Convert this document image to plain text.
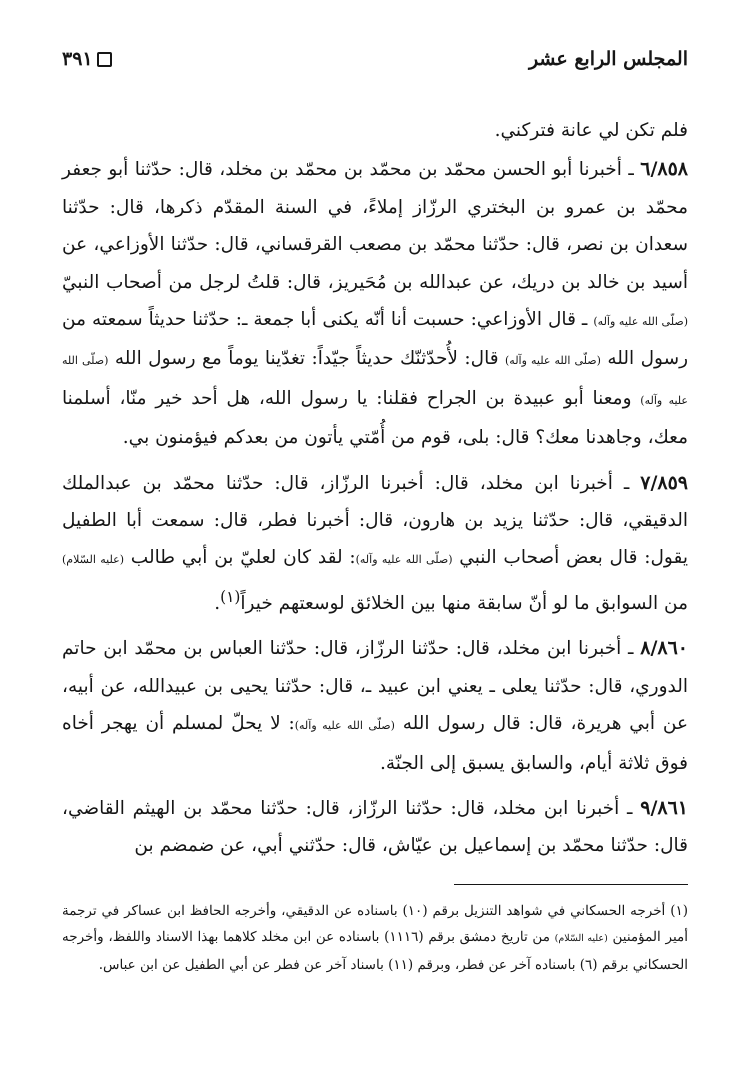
المجلس الرابع عشر
٣٩١

فلم تكن لي عانة فتركني.

٦/٨٥٨ ـ أخبرنا أبو الحسن محمّد بن محمّد بن محمّد بن مخلد، قال: حدّثنا أبو جعفر محمّد بن عمرو بن البختري الرزّاز إملاءً، في السنة المقدّم ذكرها، قال: حدّثنا سعدان بن نصر، قال: حدّثنا محمّد بن مصعب القرقساني، قال: حدّثنا الأوزاعي، عن أسيد بن خالد بن دريك، عن عبدالله بن مُحَيريز، قال: قلتُ لرجل من أصحاب النبيّ (صلّى الله عليه وآله) ـ قال الأوزاعي: حسبت أنا أنّه يكنى أبا جمعة ـ: حدّثنا حديثاً سمعته من رسول الله (صلّى الله عليه وآله) قال: لأُحدّثنّك حديثاً جيّداً: تغدّينا يوماً مع رسول الله (صلّى الله عليه وآله) ومعنا أبو عبيدة بن الجراح فقلنا: يا رسول الله، هل أحد خير منّا، أسلمنا معك، وجاهدنا معك؟ قال: بلى، قوم من أُمّتي يأتون من بعدكم فيؤمنون بي.

٧/٨٥٩ ـ أخبرنا ابن مخلد، قال: أخبرنا الرزّاز، قال: حدّثنا محمّد بن عبدالملك الدقيقي، قال: حدّثنا يزيد بن هارون، قال: أخبرنا فطر، قال: سمعت أبا الطفيل يقول: قال بعض أصحاب النبي (صلّى الله عليه وآله): لقد كان لعليّ بن أبي طالب (عليه السّلام) من السوابق ما لو أنّ سابقة منها بين الخلائق لوسعتهم خيراً$^{(١)}$.

٨/٨٦٠ ـ أخبرنا ابن مخلد، قال: حدّثنا الرزّاز، قال: حدّثنا العباس بن محمّد ابن حاتم الدوري، قال: حدّثنا يعلى ـ يعني ابن عبيد ـ، قال: حدّثنا يحيى بن عبيدالله، عن أبيه، عن أبي هريرة، قال: قال رسول الله (صلّى الله عليه وآله): لا يحلّ لمسلم أن يهجر أخاه فوق ثلاثة أيام، والسابق يسبق إلى الجنّة.

٩/٨٦١ ـ أخبرنا ابن مخلد، قال: حدّثنا الرزّاز، قال: حدّثنا محمّد بن الهيثم القاضي، قال: حدّثنا محمّد بن إسماعيل بن عيّاش، قال: حدّثني أبي، عن ضمضم بن

(١) أخرجه الحسكاني في شواهد التنزيل برقم (١٠) باسناده عن الدقيقي، وأخرجه الحافظ ابن عساكر في ترجمة أمير المؤمنين (عليه السّلام) من تاريخ دمشق برقم (١١١٦) باسناده عن ابن مخلد كلاهما بهذا الاسناد واللفظ، وأخرجه الحسكاني برقم (٦) باسناده آخر عن فطر، وبرقم (١١) باسناد آخر عن فطر عن أبي الطفيل عن ابن عباس.
